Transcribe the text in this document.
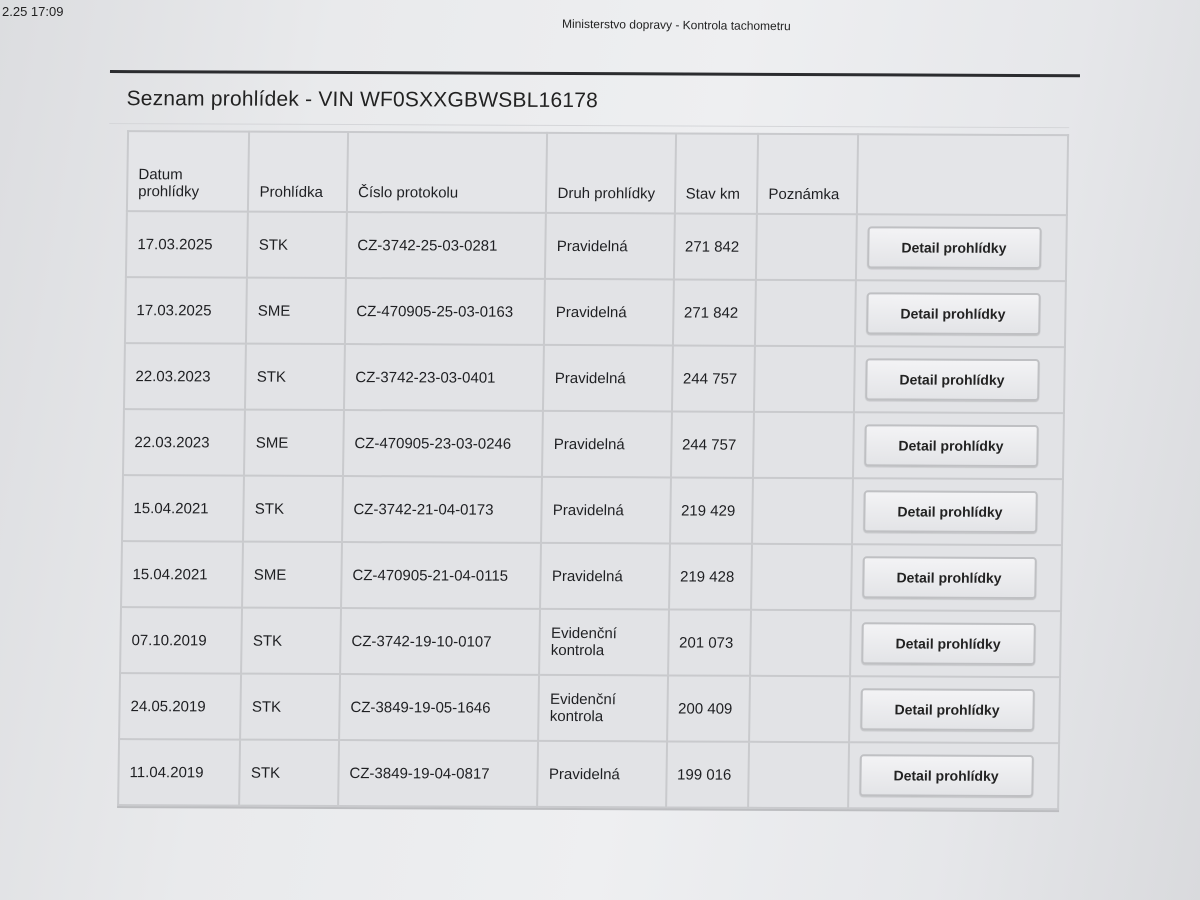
2.25 17:09
Ministerstvo dopravy - Kontrola tachometru
Seznam prohlídek - VIN WF0SXXGBWSBL16178
Datum
prohlídky	Prohlídka	Číslo protokolu	Druh prohlídky	Stav km	Poznámka	
17.03.2025	STK	CZ-3742-25-03-0281	Pravidelná	271 842		Detail prohlídky

17.03.2025	SME	CZ-470905-25-03-0163	Pravidelná	271 842		Detail prohlídky

22.03.2023	STK	CZ-3742-23-03-0401	Pravidelná	244 757		Detail prohlídky

22.03.2023	SME	CZ-470905-23-03-0246	Pravidelná	244 757		Detail prohlídky

15.04.2021	STK	CZ-3742-21-04-0173	Pravidelná	219 429		Detail prohlídky

15.04.2021	SME	CZ-470905-21-04-0115	Pravidelná	219 428		Detail prohlídky

07.10.2019	STK	CZ-3742-19-10-0107	Evidenční kontrola	201 073		Detail prohlídky

24.05.2019	STK	CZ-3849-19-05-1646	Evidenční kontrola	200 409		Detail prohlídky

11.04.2019	STK	CZ-3849-19-04-0817	Pravidelná	199 016		Detail prohlídky
